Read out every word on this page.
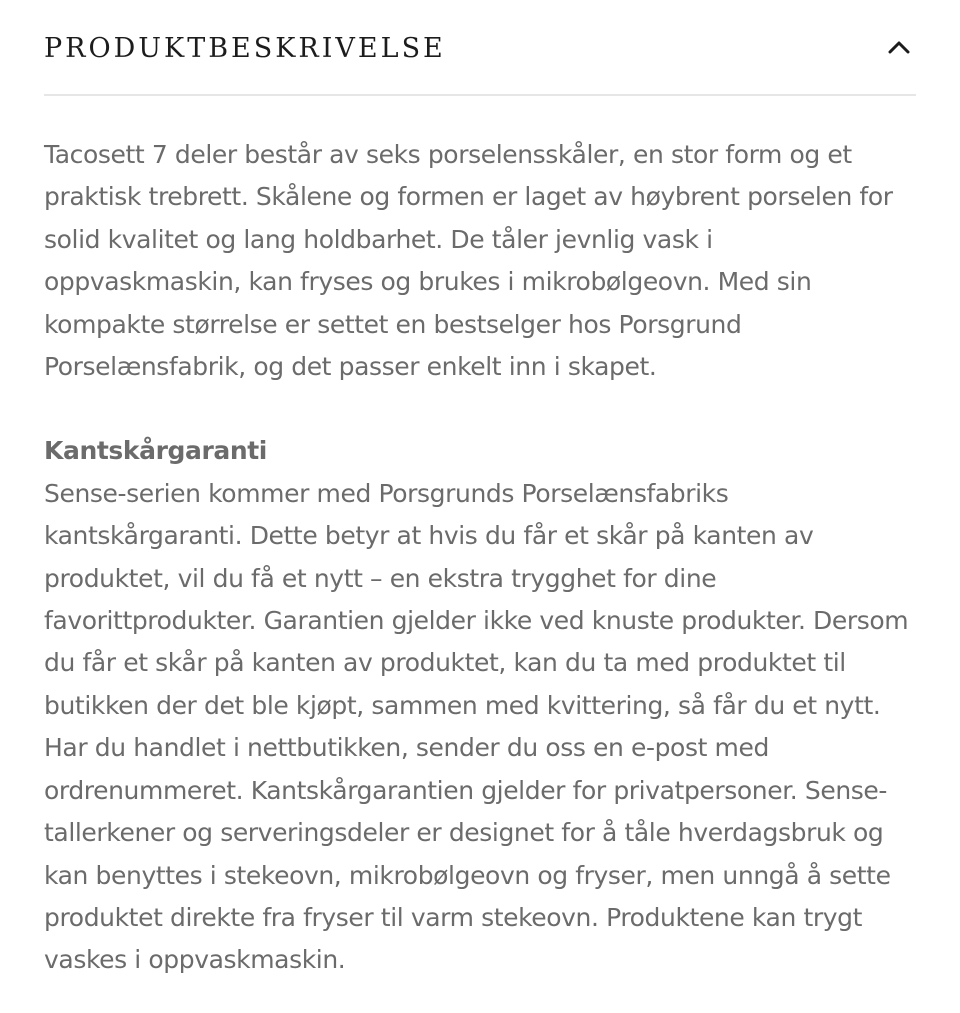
PRODUKTBESKRIVELSE

Tacosett 7 deler består av seks porselensskåler, en stor form og et praktisk trebrett. Skålene og formen er laget av høybrent porselen for solid kvalitet og lang holdbarhet. De tåler jevnlig vask i oppvaskmaskin, kan fryses og brukes i mikrobølgeovn. Med sin kompakte størrelse er settet en bestselger hos Porsgrund Porselænsfabrik, og det passer enkelt inn i skapet.

Kantskårgaranti
Sense-serien kommer med Porsgrunds Porselænsfabriks kantskårgaranti. Dette betyr at hvis du får et skår på kanten av produktet, vil du få et nytt – en ekstra trygghet for dine favorittprodukter. Garantien gjelder ikke ved knuste produkter. Dersom du får et skår på kanten av produktet, kan du ta med produktet til butikken der det ble kjøpt, sammen med kvittering, så får du et nytt. Har du handlet i nettbutikken, sender du oss en e-post med ordrenummeret. Kantskårgarantien gjelder for privatpersoner. Sense-tallerkener og serveringsdeler er designet for å tåle hverdagsbruk og kan benyttes i stekeovn, mikrobølgeovn og fryser, men unngå å sette produktet direkte fra fryser til varm stekeovn. Produktene kan trygt vaskes i oppvaskmaskin.
